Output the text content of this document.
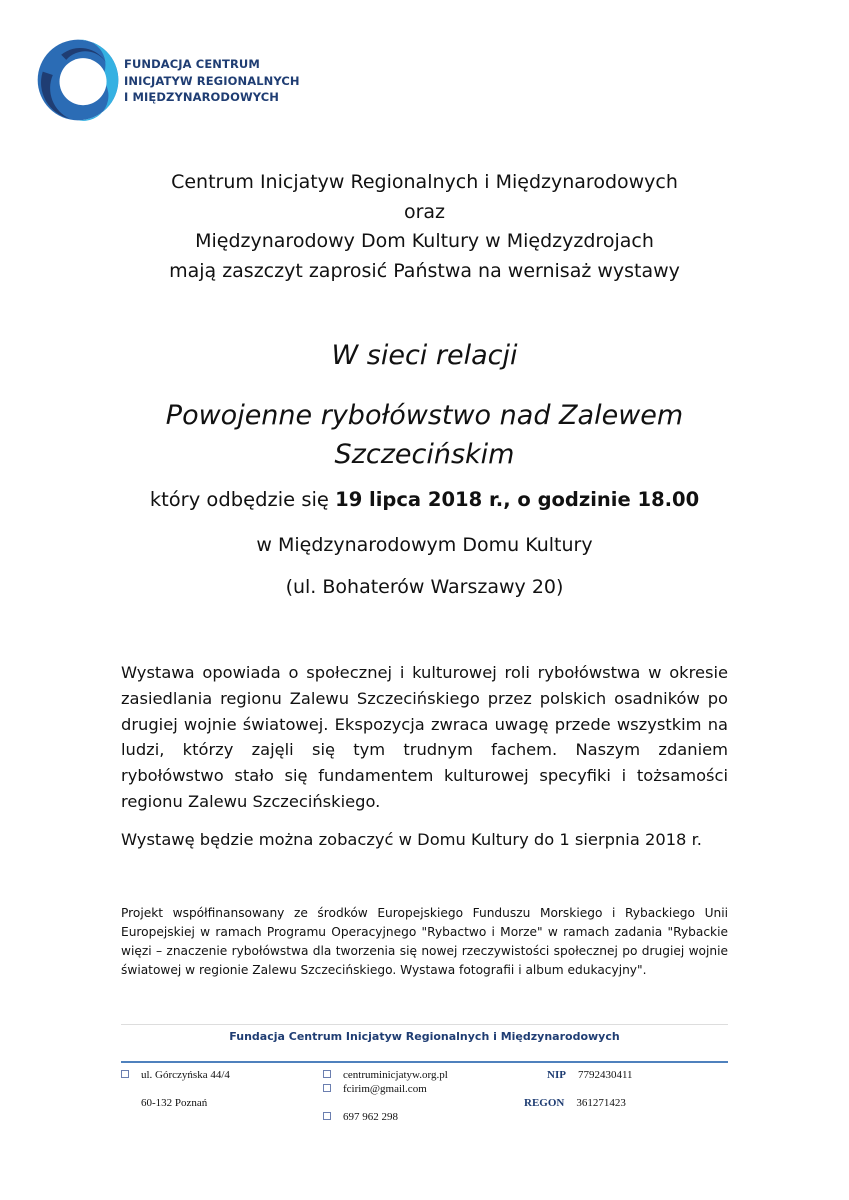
FUNDACJA CENTRUM
INICJATYW REGIONALNYCH
I MIĘDZYNARODOWYCH
Centrum Inicjatyw Regionalnych i Międzynarodowych
oraz
Międzynarodowy Dom Kultury w Międzyzdrojach
mają zaszczyt zaprosić Państwa na wernisaż wystawy
W sieci relacji
Powojenne rybołówstwo nad Zalewem
Szczecińskim
który odbędzie się 19 lipca 2018 r., o godzinie 18.00
w Międzynarodowym Domu Kultury
(ul. Bohaterów Warszawy 20)
Wystawa opowiada o społecznej i kulturowej roli rybołówstwa w okresie zasiedlania regionu Zalewu Szczecińskiego przez polskich osadników po drugiej wojnie światowej. Ekspozycja zwraca uwagę przede wszystkim na ludzi, którzy zajęli się tym trudnym fachem. Naszym zdaniem rybołówstwo stało się fundamentem kulturowej specyfiki i tożsamości regionu Zalewu Szczecińskiego.
Wystawę będzie można zobaczyć w Domu Kultury do 1 sierpnia 2018 r.
Projekt współfinansowany ze środków Europejskiego Funduszu Morskiego i Rybackiego Unii Europejskiej w ramach Programu Operacyjnego "Rybactwo i Morze" w ramach zadania "Rybackie więzi – znaczenie rybołówstwa dla tworzenia się nowej rzeczywistości społecznej po drugiej wojnie światowej w regionie Zalewu Szczecińskiego. Wystawa fotografii i album edukacyjny".
Fundacja Centrum Inicjatyw Regionalnych i Międzynarodowych
ul. Górczyńska 44/4
60-132 Poznań
centruminicjatyw.org.pl
fcirim@gmail.com
697 962 298
NIP 7792430411
REGON 361271423
